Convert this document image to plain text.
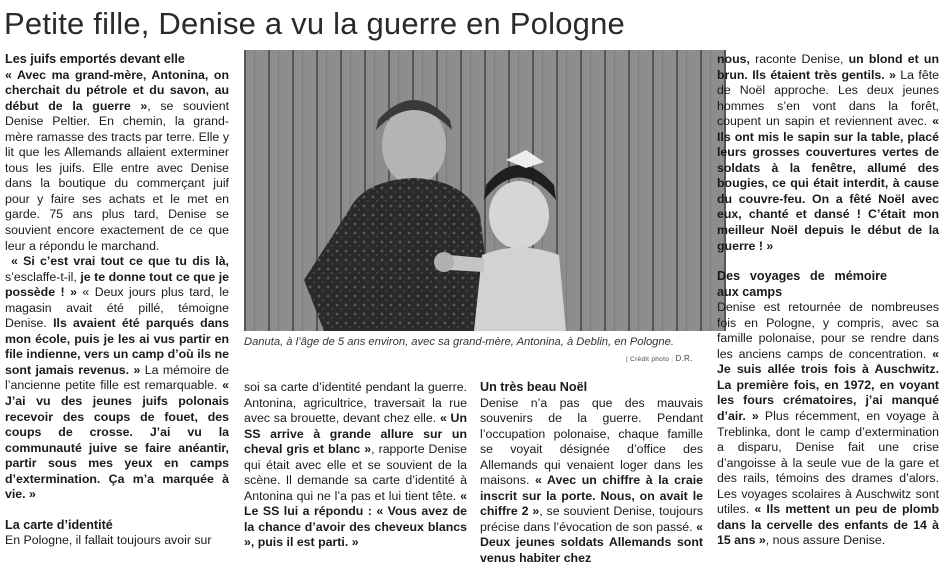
Petite fille, Denise a vu la guerre en Pologne

Les juifs emportés devant elle

« Avec ma grand-mère, Antonina, on cherchait du pétrole et du savon, au début de la guerre », se souvient Denise Peltier. En chemin, la grand-mère ramasse des tracts par terre. Elle y lit que les Allemands allaient exterminer tous les juifs. Elle entre avec Denise dans la boutique du commerçant juif pour y faire ses achats et le met en garde. 75 ans plus tard, Denise se souvient encore exactement de ce que leur a répondu le marchand.

« Si c’est vrai tout ce que tu dis là, s’esclaffe-t-il, je te donne tout ce que je possède ! » « Deux jours plus tard, le magasin avait été pillé, témoigne Denise. Ils avaient été parqués dans mon école, puis je les ai vus partir en file indienne, vers un camp d’où ils ne sont jamais revenus. » La mémoire de l’ancienne petite fille est remarquable. « J’ai vu des jeunes juifs polonais recevoir des coups de fouet, des coups de crosse. J’ai vu la communauté juive se faire anéantir, partir sous mes yeux en camps d’extermination. Ça m’a marquée à vie. »

La carte d’identité

En Pologne, il fallait toujours avoir sur

Danuta, à l’âge de 5 ans environ, avec sa grand-mère, Antonina, à Deblin, en Pologne.
| Crédit photo : D.R.

soi sa carte d’identité pendant la guerre. Antonina, agricultrice, traversait la rue avec sa brouette, devant chez elle. « Un SS arrive à grande allure sur un cheval gris et blanc », rapporte Denise qui était avec elle et se souvient de la scène. Il demande sa carte d’identité à Antonina qui ne l’a pas et lui tient tête. « Le SS lui a répondu : « Vous avez de la chance d’avoir des cheveux blancs », puis il est parti. »

Un très beau Noël

Denise n’a pas que des mauvais souvenirs de la guerre. Pendant l’occupation polonaise, chaque famille se voyait désignée d’office des Allemands qui venaient loger dans les maisons. « Avec un chiffre à la craie inscrit sur la porte. Nous, on avait le chiffre 2 », se souvient Denise, toujours précise dans l’évocation de son passé. « Deux jeunes soldats Allemands sont venus habiter chez

nous, raconte Denise, un blond et un brun. Ils étaient très gentils. » La fête de Noël approche. Les deux jeunes hommes s’en vont dans la forêt, coupent un sapin et reviennent avec. « Ils ont mis le sapin sur la table, placé leurs grosses couvertures vertes de soldats à la fenêtre, allumé des bougies, ce qui était interdit, à cause du couvre-feu. On a fêté Noël avec eux, chanté et dansé ! C’était mon meilleur Noël depuis le début de la guerre ! »

Des voyages de mémoire aux camps

Denise est retournée de nombreuses fois en Pologne, y compris, avec sa famille polonaise, pour se rendre dans les anciens camps de concentration. « Je suis allée trois fois à Auschwitz. La première fois, en 1972, en voyant les fours crématoires, j’ai manqué d’air. » Plus récemment, en voyage à Treblinka, dont le camp d’extermination a disparu, Denise fait une crise d’angoisse à la seule vue de la gare et des rails, témoins des drames d’alors. Les voyages scolaires à Auschwitz sont utiles. « Ils mettent un peu de plomb dans la cervelle des enfants de 14 à 15 ans », nous assure Denise.
